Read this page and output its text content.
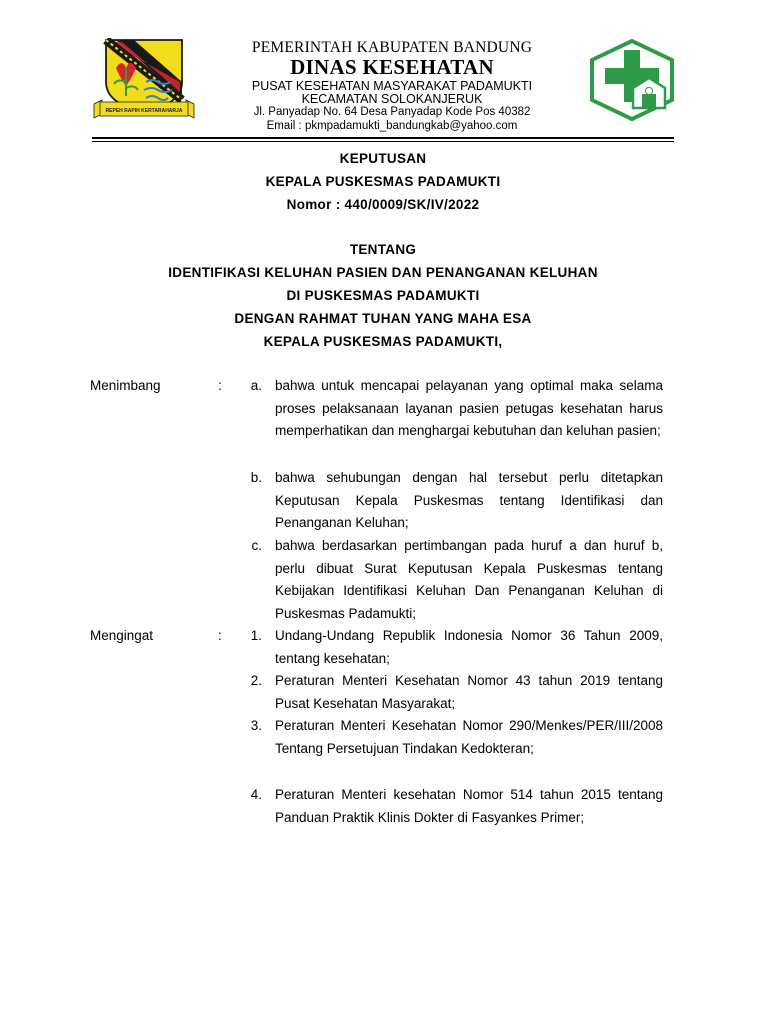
REPEH RAPIH KERTARAHARJA
PEMERINTAH KABUPATEN BANDUNG
DINAS KESEHATAN
PUSAT KESEHATAN MASYARAKAT PADAMUKTI
KECAMATAN SOLOKANJERUK
Jl. Panyadap No. 64 Desa Panyadap Kode Pos 40382
Email : pkmpadamukti_bandungkab@yahoo.com
KEPUTUSAN
KEPALA PUSKESMAS PADAMUKTI
Nomor : 440/0009/SK/IV/2022
TENTANG
IDENTIFIKASI KELUHAN PASIEN DAN PENANGANAN KELUHAN
DI PUSKESMAS PADAMUKTI
DENGAN RAHMAT TUHAN YANG MAHA ESA
KEPALA PUSKESMAS PADAMUKTI,
Menimbang	:	a. bahwa untuk mencapai pelayanan yang optimal maka selama proses pelaksanaan layanan pasien petugas kesehatan harus memperhatikan dan menghargai kebutuhan dan keluhan pasien;
b. bahwa sehubungan dengan hal tersebut perlu ditetapkan Keputusan Kepala Puskesmas tentang Identifikasi dan Penanganan Keluhan;
c. bahwa berdasarkan pertimbangan pada huruf a dan huruf b, perlu dibuat Surat Keputusan Kepala Puskesmas tentang Kebijakan Identifikasi Keluhan Dan Penanganan Keluhan di Puskesmas Padamukti;
Mengingat	:	1. Undang-Undang Republik Indonesia Nomor 36 Tahun 2009, tentang kesehatan;
2. Peraturan Menteri Kesehatan Nomor 43 tahun 2019 tentang Pusat Kesehatan Masyarakat;
3. Peraturan Menteri Kesehatan Nomor 290/Menkes/PER/III/2008 Tentang Persetujuan Tindakan Kedokteran;
4. Peraturan Menteri kesehatan Nomor 514 tahun 2015 tentang Panduan Praktik Klinis Dokter di Fasyankes Primer;
